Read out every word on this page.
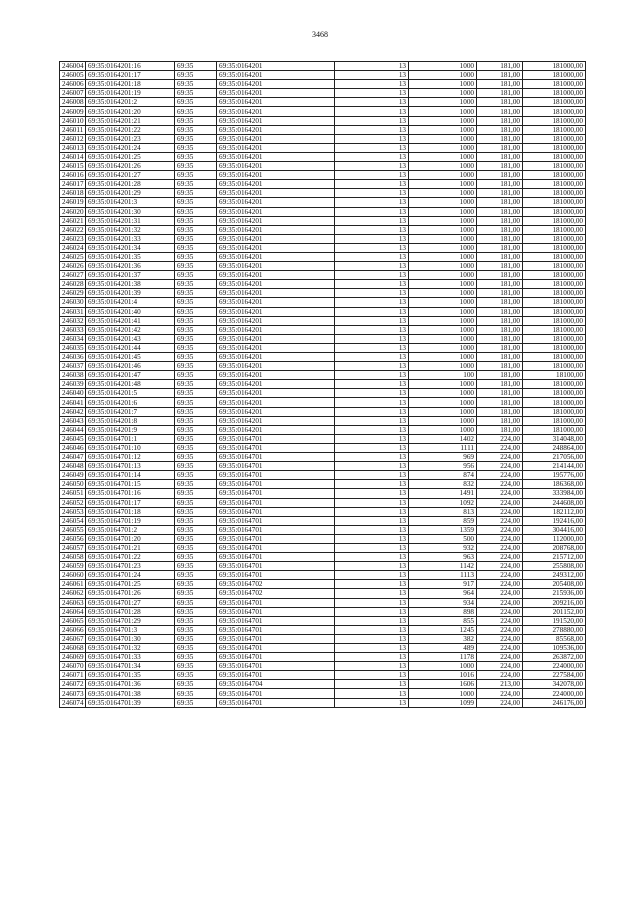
3468
246004	69:35:0164201:16	69:35	69:35:0164201	13	1000	181,00	181000,00
246005	69:35:0164201:17	69:35	69:35:0164201	13	1000	181,00	181000,00
246006	69:35:0164201:18	69:35	69:35:0164201	13	1000	181,00	181000,00
246007	69:35:0164201:19	69:35	69:35:0164201	13	1000	181,00	181000,00
246008	69:35:0164201:2	69:35	69:35:0164201	13	1000	181,00	181000,00
246009	69:35:0164201:20	69:35	69:35:0164201	13	1000	181,00	181000,00
246010	69:35:0164201:21	69:35	69:35:0164201	13	1000	181,00	181000,00
246011	69:35:0164201:22	69:35	69:35:0164201	13	1000	181,00	181000,00
246012	69:35:0164201:23	69:35	69:35:0164201	13	1000	181,00	181000,00
246013	69:35:0164201:24	69:35	69:35:0164201	13	1000	181,00	181000,00
246014	69:35:0164201:25	69:35	69:35:0164201	13	1000	181,00	181000,00
246015	69:35:0164201:26	69:35	69:35:0164201	13	1000	181,00	181000,00
246016	69:35:0164201:27	69:35	69:35:0164201	13	1000	181,00	181000,00
246017	69:35:0164201:28	69:35	69:35:0164201	13	1000	181,00	181000,00
246018	69:35:0164201:29	69:35	69:35:0164201	13	1000	181,00	181000,00
246019	69:35:0164201:3	69:35	69:35:0164201	13	1000	181,00	181000,00
246020	69:35:0164201:30	69:35	69:35:0164201	13	1000	181,00	181000,00
246021	69:35:0164201:31	69:35	69:35:0164201	13	1000	181,00	181000,00
246022	69:35:0164201:32	69:35	69:35:0164201	13	1000	181,00	181000,00
246023	69:35:0164201:33	69:35	69:35:0164201	13	1000	181,00	181000,00
246024	69:35:0164201:34	69:35	69:35:0164201	13	1000	181,00	181000,00
246025	69:35:0164201:35	69:35	69:35:0164201	13	1000	181,00	181000,00
246026	69:35:0164201:36	69:35	69:35:0164201	13	1000	181,00	181000,00
246027	69:35:0164201:37	69:35	69:35:0164201	13	1000	181,00	181000,00
246028	69:35:0164201:38	69:35	69:35:0164201	13	1000	181,00	181000,00
246029	69:35:0164201:39	69:35	69:35:0164201	13	1000	181,00	181000,00
246030	69:35:0164201:4	69:35	69:35:0164201	13	1000	181,00	181000,00
246031	69:35:0164201:40	69:35	69:35:0164201	13	1000	181,00	181000,00
246032	69:35:0164201:41	69:35	69:35:0164201	13	1000	181,00	181000,00
246033	69:35:0164201:42	69:35	69:35:0164201	13	1000	181,00	181000,00
246034	69:35:0164201:43	69:35	69:35:0164201	13	1000	181,00	181000,00
246035	69:35:0164201:44	69:35	69:35:0164201	13	1000	181,00	181000,00
246036	69:35:0164201:45	69:35	69:35:0164201	13	1000	181,00	181000,00
246037	69:35:0164201:46	69:35	69:35:0164201	13	1000	181,00	181000,00
246038	69:35:0164201:47	69:35	69:35:0164201	13	100	181,00	18100,00
246039	69:35:0164201:48	69:35	69:35:0164201	13	1000	181,00	181000,00
246040	69:35:0164201:5	69:35	69:35:0164201	13	1000	181,00	181000,00
246041	69:35:0164201:6	69:35	69:35:0164201	13	1000	181,00	181000,00
246042	69:35:0164201:7	69:35	69:35:0164201	13	1000	181,00	181000,00
246043	69:35:0164201:8	69:35	69:35:0164201	13	1000	181,00	181000,00
246044	69:35:0164201:9	69:35	69:35:0164201	13	1000	181,00	181000,00
246045	69:35:0164701:1	69:35	69:35:0164701	13	1402	224,00	314048,00
246046	69:35:0164701:10	69:35	69:35:0164701	13	1111	224,00	248864,00
246047	69:35:0164701:12	69:35	69:35:0164701	13	969	224,00	217056,00
246048	69:35:0164701:13	69:35	69:35:0164701	13	956	224,00	214144,00
246049	69:35:0164701:14	69:35	69:35:0164701	13	874	224,00	195776,00
246050	69:35:0164701:15	69:35	69:35:0164701	13	832	224,00	186368,00
246051	69:35:0164701:16	69:35	69:35:0164701	13	1491	224,00	333984,00
246052	69:35:0164701:17	69:35	69:35:0164701	13	1092	224,00	244608,00
246053	69:35:0164701:18	69:35	69:35:0164701	13	813	224,00	182112,00
246054	69:35:0164701:19	69:35	69:35:0164701	13	859	224,00	192416,00
246055	69:35:0164701:2	69:35	69:35:0164701	13	1359	224,00	304416,00
246056	69:35:0164701:20	69:35	69:35:0164701	13	500	224,00	112000,00
246057	69:35:0164701:21	69:35	69:35:0164701	13	932	224,00	208768,00
246058	69:35:0164701:22	69:35	69:35:0164701	13	963	224,00	215712,00
246059	69:35:0164701:23	69:35	69:35:0164701	13	1142	224,00	255808,00
246060	69:35:0164701:24	69:35	69:35:0164701	13	1113	224,00	249312,00
246061	69:35:0164701:25	69:35	69:35:0164702	13	917	224,00	205408,00
246062	69:35:0164701:26	69:35	69:35:0164702	13	964	224,00	215936,00
246063	69:35:0164701:27	69:35	69:35:0164701	13	934	224,00	209216,00
246064	69:35:0164701:28	69:35	69:35:0164701	13	898	224,00	201152,00
246065	69:35:0164701:29	69:35	69:35:0164701	13	855	224,00	191520,00
246066	69:35:0164701:3	69:35	69:35:0164701	13	1245	224,00	278880,00
246067	69:35:0164701:30	69:35	69:35:0164701	13	382	224,00	85568,00
246068	69:35:0164701:32	69:35	69:35:0164701	13	489	224,00	109536,00
246069	69:35:0164701:33	69:35	69:35:0164701	13	1178	224,00	263872,00
246070	69:35:0164701:34	69:35	69:35:0164701	13	1000	224,00	224000,00
246071	69:35:0164701:35	69:35	69:35:0164701	13	1016	224,00	227584,00
246072	69:35:0164701:36	69:35	69:35:0164704	13	1606	213,00	342078,00
246073	69:35:0164701:38	69:35	69:35:0164701	13	1000	224,00	224000,00
246074	69:35:0164701:39	69:35	69:35:0164701	13	1099	224,00	246176,00
